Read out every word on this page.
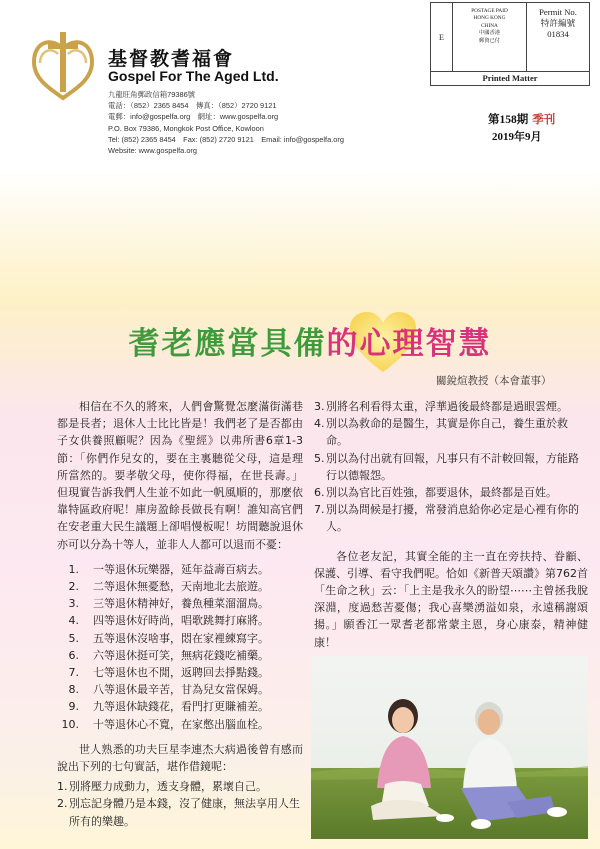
基督教耆福會
Gospel For The Aged Ltd.
九龍旺角郵政信箱79386號
電話：（852）2365 8454　傳真：（852）2720 9121
電郵：info@gospelfa.org　網址：www.gospelfa.org
P.O. Box 79386, Mongkok Post Office, Kowloon
Tel: (852) 2365 8454　Fax: (852) 2720 9121　Email: info@gospelfa.org
Website: www.gospelfa.org
E
POSTAGE PAID
HONG KONG
CHINA
中國香港
郵資已付
Permit No.
特許編號
01834
Printed Matter
第158期 季刊
2019年9月
耆老應當具備的心理智慧
關銳煊教授（本會董事）

相信在不久的將來，人們會驚覺怎麼滿街滿巷都是長者；退休人士比比皆是！我們老了是否都由子女供養照顧呢？因為《聖經》以弗所書6章1-3節：「你們作兒女的，要在主裏聽從父母，這是理所當然的。要孝敬父母，使你得福，在世長壽。」但現實告訴我們人生並不如此一帆風順的，那麼依靠特區政府呢！庫房盈餘長做長有啊！誰知高官們在安老重大民生議題上卻唱慢板呢！坊間聽說退休亦可以分為十等人，並非人人都可以退而不憂：

1.	一等退休玩樂器，延年益壽百病去。
2.	二等退休無憂愁，天南地北去旅遊。
3.	三等退休精神好，養魚種菜溜溜鳥。
4.	四等退休好時尚，唱歌跳舞打麻將。
5.	五等退休沒啥事，悶在家裡練寫字。
6.	六等退休挺可笑，無病花錢吃補藥。
7.	七等退休也不閒，返聘回去掙點錢。
8.	八等退休最辛苦，甘為兒女當保姆。
9.	九等退休缺錢花，看門打更賺補差。
10.	十等退休心不寬，在家憋出腦血栓。

世人熟悉的功夫巨星李連杰大病過後曾有感而說出下列的七句實話，堪作借鏡呢：

1. 別將壓力成動力，透支身體，累壞自己。
2. 別忘記身體乃是本錢，沒了健康，無法享用人生所有的樂趣。
3. 別將名利看得太重，浮華過後最終都是過眼雲煙。
4. 別以為救命的是醫生，其實是你自己，養生重於救命。
5. 別以為付出就有回報，凡事只有不計較回報，方能路行以德報怨。
6. 別以為官比百姓強，都要退休，最終都是百姓。
7. 別以為問候是打擾，常發消息給你必定是心裡有你的人。

各位老友記，其實全能的主一直在旁扶持、眷顧、保護、引導、看守我們呢。恰如《新普天頌讚》第762首「生命之秋」云：「上主是我永久的盼望⋯⋯主曾拯我脫深淵，度過愁苦憂傷；我心喜樂湧溢如泉，永遠稱謝頌揚。」願香江一眾耆老都常蒙主恩，身心康泰，精神健康！
